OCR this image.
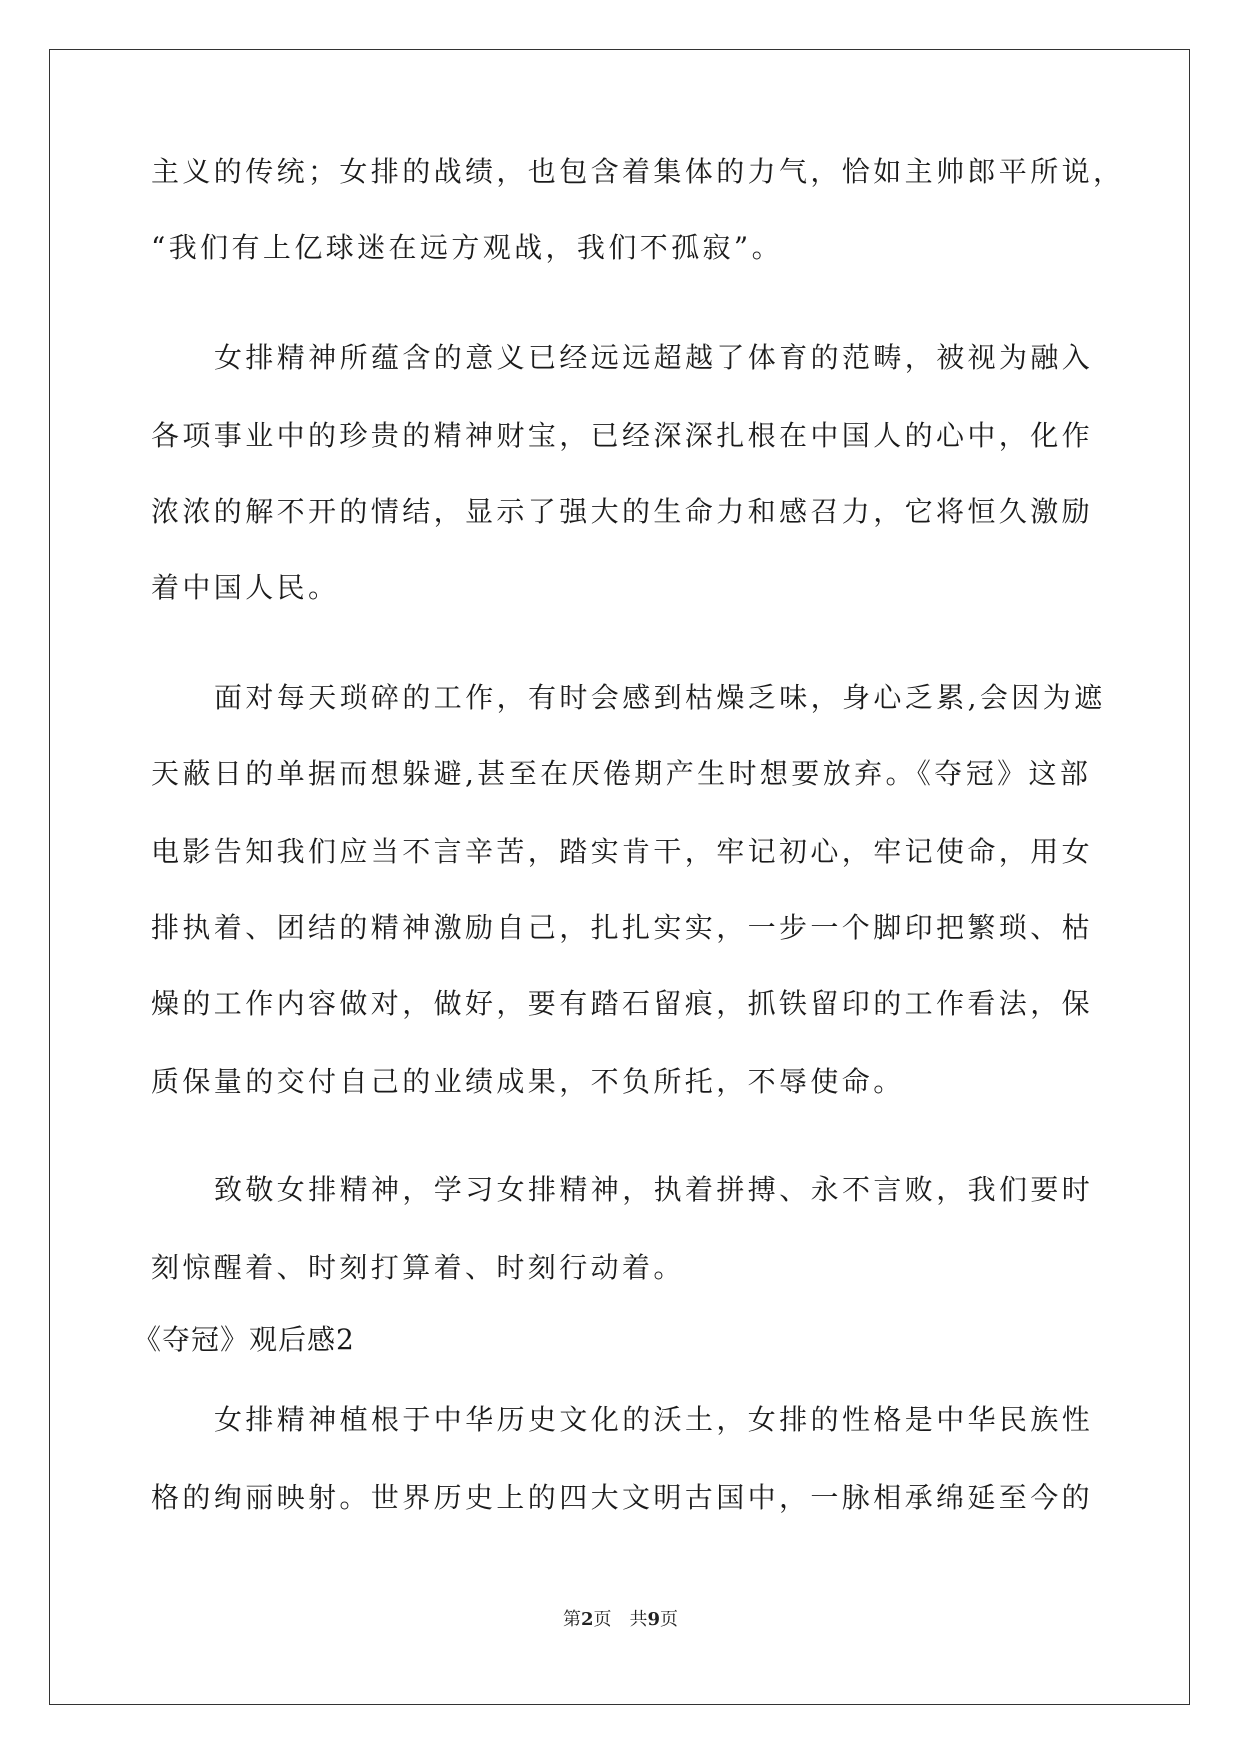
主义的传统；女排的战绩，也包含着集体的力气，恰如主帅郎平所说，
“我们有上亿球迷在远方观战，我们不孤寂”。
女排精神所蕴含的意义已经远远超越了体育的范畴，被视为融入
各项事业中的珍贵的精神财宝，已经深深扎根在中国人的心中，化作
浓浓的解不开的情结，显示了强大的生命力和感召力，它将恒久激励
着中国人民。
面对每天琐碎的工作，有时会感到枯燥乏味，身心乏累,会因为遮
天蔽日的单据而想躲避,甚至在厌倦期产生时想要放弃。《夺冠》这部
电影告知我们应当不言辛苦，踏实肯干，牢记初心，牢记使命，用女
排执着、团结的精神激励自己，扎扎实实，一步一个脚印把繁琐、枯
燥的工作内容做对，做好，要有踏石留痕，抓铁留印的工作看法，保
质保量的交付自己的业绩成果，不负所托，不辱使命。
致敬女排精神，学习女排精神，执着拼搏、永不言败，我们要时
刻惊醒着、时刻打算着、时刻行动着。
《夺冠》观后感2
女排精神植根于中华历史文化的沃土，女排的性格是中华民族性
格的绚丽映射。世界历史上的四大文明古国中，一脉相承绵延至今的
第2页　共9页
